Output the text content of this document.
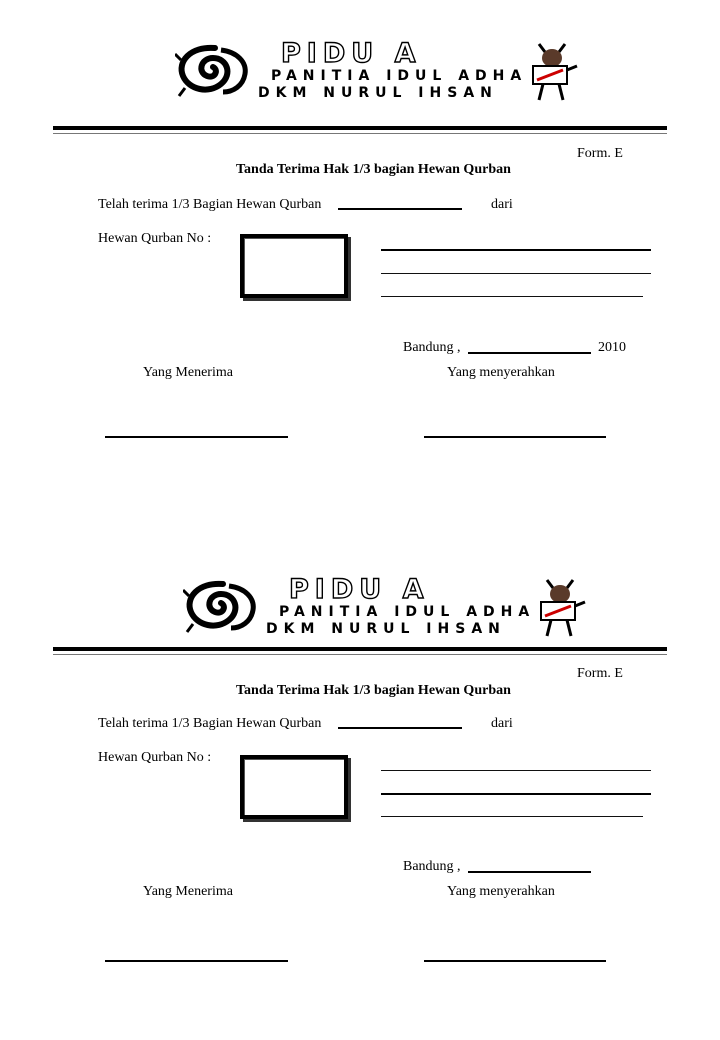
PIDU A
PANITIA IDUL ADHA
DKM NURUL IHSAN
Form. E
Tanda Terima Hak 1/3 bagian Hewan Qurban
Telah terima 1/3 Bagian Hewan Qurban	dari
Hewan Qurban No :
Bandung ,	2010
Yang Menerima	Yang menyerahkan
PIDU A
PANITIA IDUL ADHA
DKM NURUL IHSAN
Form. E
Tanda Terima Hak 1/3 bagian Hewan Qurban
Telah terima 1/3 Bagian Hewan Qurban	dari
Hewan Qurban No :
Bandung ,
Yang Menerima	Yang menyerahkan
